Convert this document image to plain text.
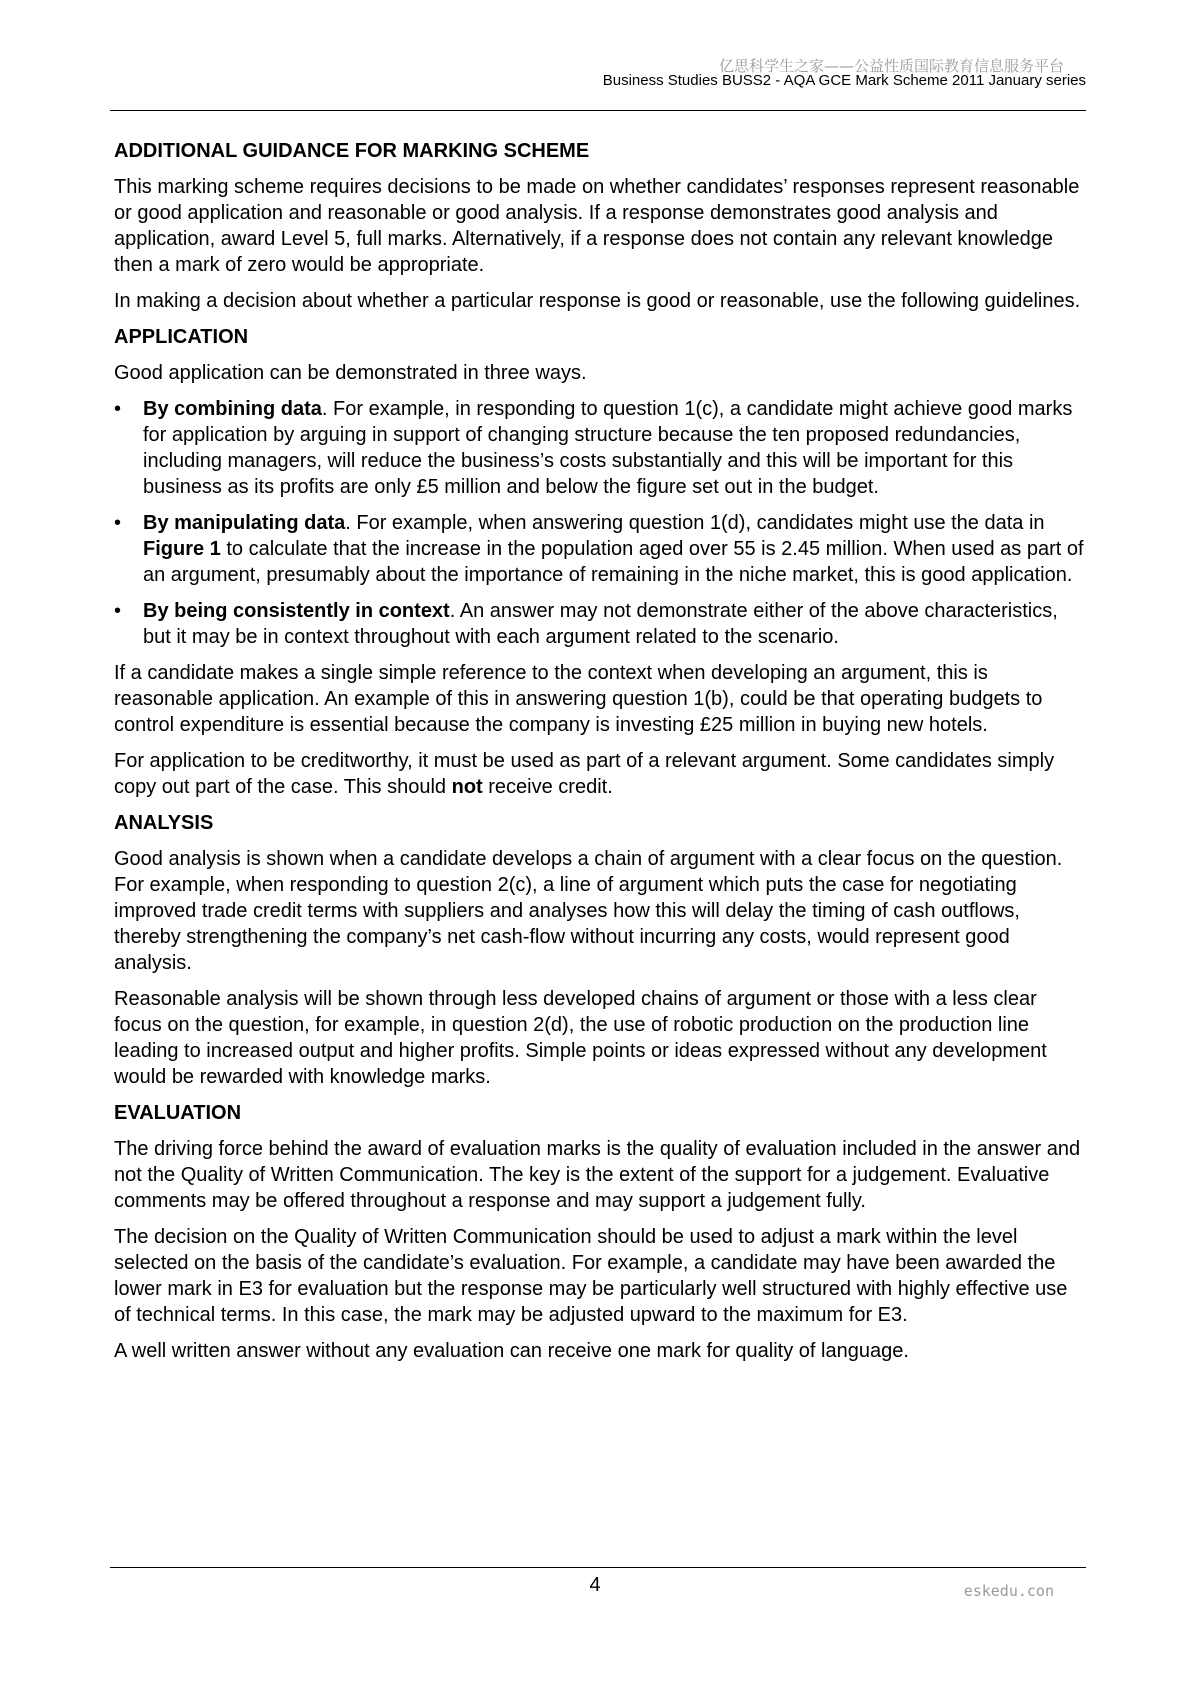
亿思科学生之家——公益性质国际教育信息服务平台
Business Studies BUSS2 - AQA GCE Mark Scheme 2011 January series
ADDITIONAL GUIDANCE FOR MARKING SCHEME

This marking scheme requires decisions to be made on whether candidates’ responses represent reasonable or good application and reasonable or good analysis. If a response demonstrates good analysis and application, award Level 5, full marks. Alternatively, if a response does not contain any relevant knowledge then a mark of zero would be appropriate.

In making a decision about whether a particular response is good or reasonable, use the following guidelines.

APPLICATION

Good application can be demonstrated in three ways.

• By combining data. For example, in responding to question 1(c), a candidate might achieve good marks for application by arguing in support of changing structure because the ten proposed redundancies, including managers, will reduce the business’s costs substantially and this will be important for this business as its profits are only £5 million and below the figure set out in the budget.
• By manipulating data. For example, when answering question 1(d), candidates might use the data in Figure 1 to calculate that the increase in the population aged over 55 is 2.45 million. When used as part of an argument, presumably about the importance of remaining in the niche market, this is good application.
• By being consistently in context. An answer may not demonstrate either of the above characteristics, but it may be in context throughout with each argument related to the scenario.

If a candidate makes a single simple reference to the context when developing an argument, this is reasonable application. An example of this in answering question 1(b), could be that operating budgets to control expenditure is essential because the company is investing £25 million in buying new hotels.

For application to be creditworthy, it must be used as part of a relevant argument. Some candidates simply copy out part of the case. This should not receive credit.

ANALYSIS

Good analysis is shown when a candidate develops a chain of argument with a clear focus on the question. For example, when responding to question 2(c), a line of argument which puts the case for negotiating improved trade credit terms with suppliers and analyses how this will delay the timing of cash outflows, thereby strengthening the company’s net cash-flow without incurring any costs, would represent good analysis.

Reasonable analysis will be shown through less developed chains of argument or those with a less clear focus on the question, for example, in question 2(d), the use of robotic production on the production line leading to increased output and higher profits. Simple points or ideas expressed without any development would be rewarded with knowledge marks.

EVALUATION

The driving force behind the award of evaluation marks is the quality of evaluation included in the answer and not the Quality of Written Communication. The key is the extent of the support for a judgement. Evaluative comments may be offered throughout a response and may support a judgement fully.

The decision on the Quality of Written Communication should be used to adjust a mark within the level selected on the basis of the candidate’s evaluation. For example, a candidate may have been awarded the lower mark in E3 for evaluation but the response may be particularly well structured with highly effective use of technical terms. In this case, the mark may be adjusted upward to the maximum for E3.

A well written answer without any evaluation can receive one mark for quality of language.

4	eskedu.con
